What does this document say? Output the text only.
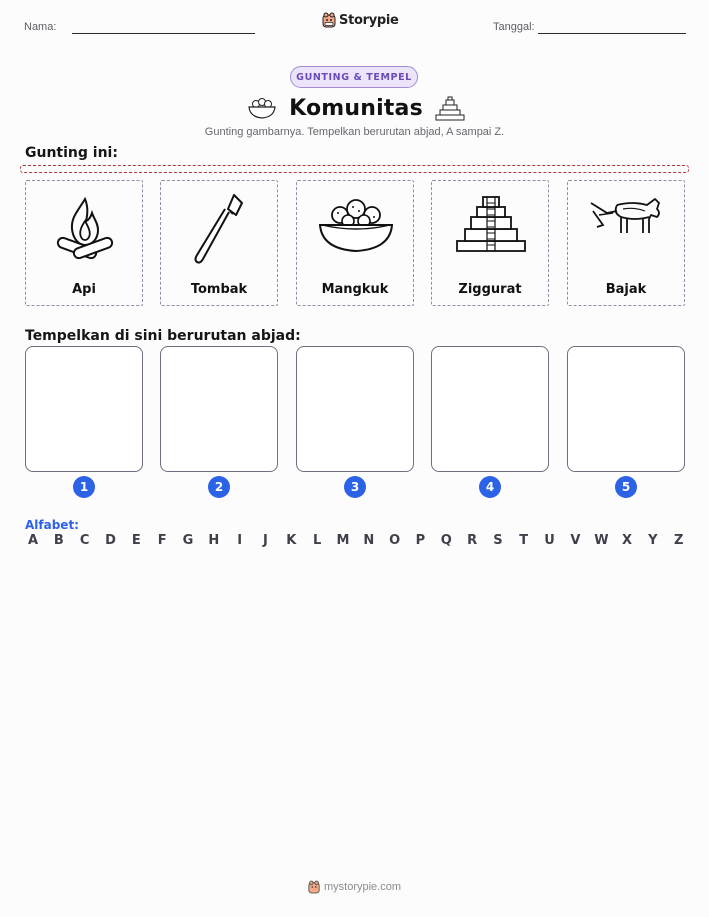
Nama:	Storypie	Tanggal:
GUNTING & TEMPEL
Komunitas
Gunting gambarnya. Tempelkan berurutan abjad, A sampai Z.
Gunting ini:
Api	Tombak	Mangkuk	Ziggurat	Bajak
Tempelkan di sini berurutan abjad:
1	2	3	4	5
Alfabet:
A B C D E F G H	I	J	K L M N O P Q R S T U V W X Y Z
mystorypie.com
